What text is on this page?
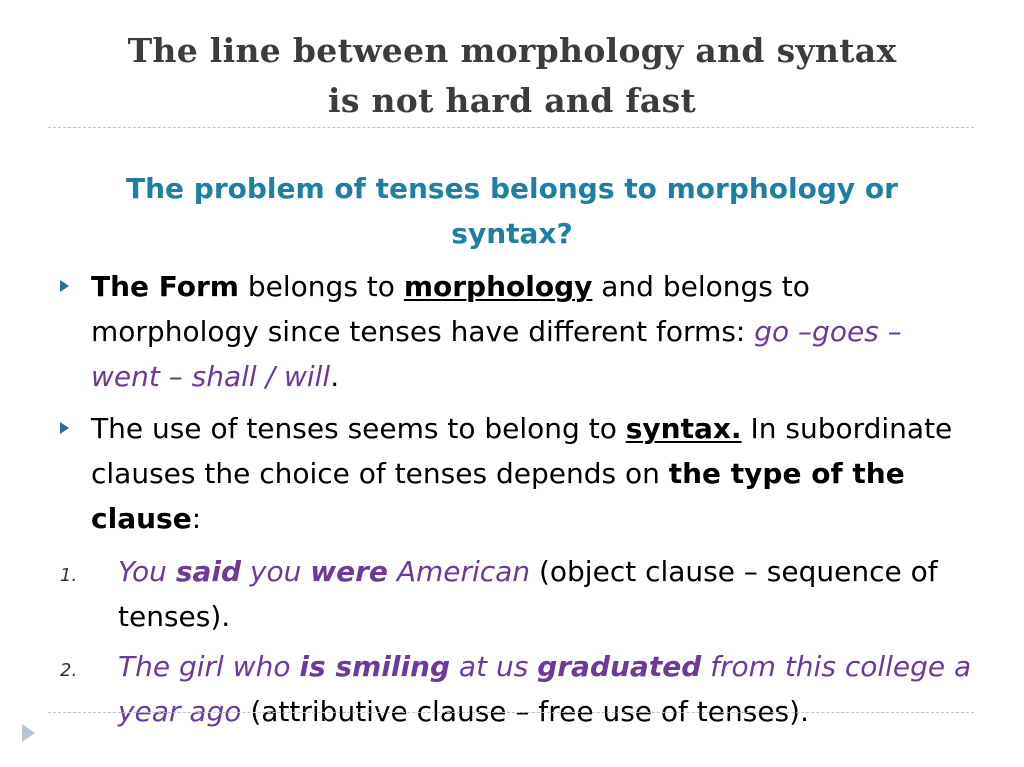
The line between morphology and syntax
is not hard and fast
The problem of tenses belongs to morphology or
syntax?
The Form belongs to morphology and belongs to morphology since tenses have different forms: go –goes – went – shall / will.
The use of tenses seems to belong to syntax. In subordinate clauses the choice of tenses depends on the type of the clause:
1. You said you were American (object clause – sequence of tenses).
2. The girl who is smiling at us graduated from this college a year ago (attributive clause – free use of tenses).
